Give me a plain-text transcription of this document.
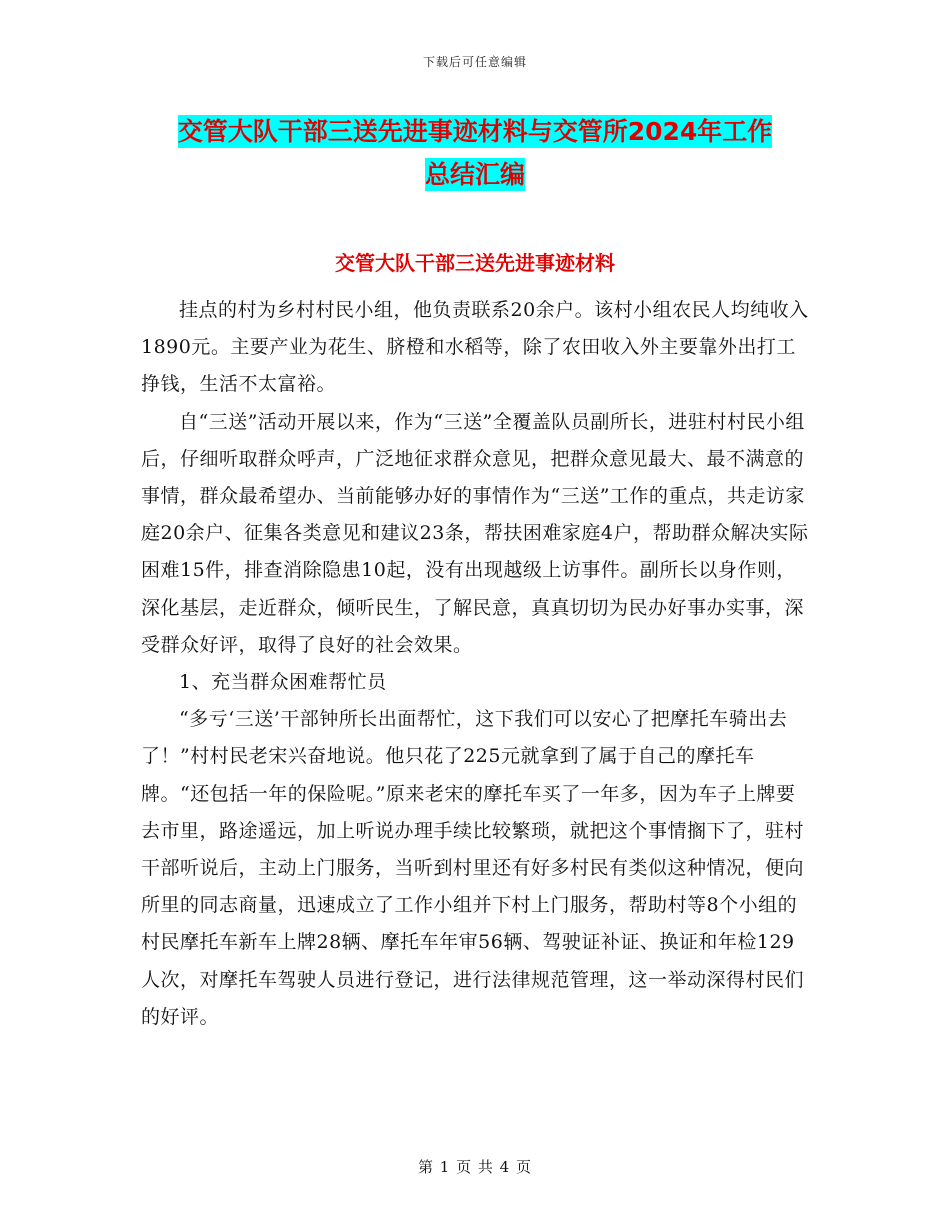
下载后可任意编辑
交管大队干部三送先进事迹材料与交管所2024年工作
总结汇编
交管大队干部三送先进事迹材料

挂点的村为乡村村民小组，他负责联系20余户。该村小组农民人均纯收入1890元。主要产业为花生、脐橙和水稻等，除了农田收入外主要靠外出打工挣钱，生活不太富裕。

自“三送”活动开展以来，作为“三送”全覆盖队员副所长，进驻村村民小组后，仔细听取群众呼声，广泛地征求群众意见，把群众意见最大、最不满意的事情，群众最希望办、当前能够办好的事情作为“三送”工作的重点，共走访家庭20余户、征集各类意见和建议23条，帮扶困难家庭4户，帮助群众解决实际困难15件，排查消除隐患10起，没有出现越级上访事件。副所长以身作则，深化基层，走近群众，倾听民生，了解民意，真真切切为民办好事办实事，深受群众好评，取得了良好的社会效果。

1、充当群众困难帮忙员

“多亏‘三送’干部钟所长出面帮忙，这下我们可以安心了把摩托车骑出去了！”村村民老宋兴奋地说。他只花了225元就拿到了属于自己的摩托车牌。“还包括一年的保险呢。”原来老宋的摩托车买了一年多，因为车子上牌要去市里，路途遥远，加上听说办理手续比较繁琐，就把这个事情搁下了，驻村干部听说后，主动上门服务，当听到村里还有好多村民有类似这种情况，便向所里的同志商量，迅速成立了工作小组并下村上门服务，帮助村等8个小组的村民摩托车新车上牌28辆、摩托车年审56辆、驾驶证补证、换证和年检129人次，对摩托车驾驶人员进行登记，进行法律规范管理，这一举动深得村民们的好评。

第 1 页 共 4 页
